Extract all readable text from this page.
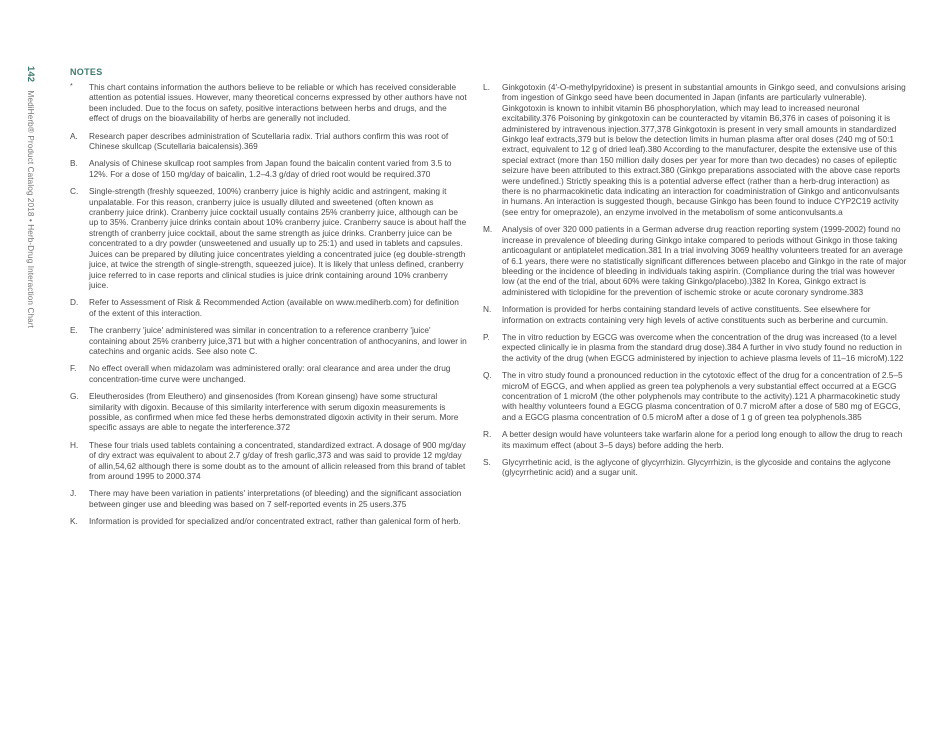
142 MediHerb® Product Catalog 2018 • Herb-Drug Interaction Chart
NOTES
*	This chart contains information the authors believe to be reliable or which has received considerable attention as potential issues. However, many theoretical concerns expressed by other authors have not been included. Due to the focus on safety, positive interactions between herbs and drugs, and the effect of drugs on the bioavailability of herbs are generally not included.
A.	Research paper describes administration of Scutellaria radix. Trial authors confirm this was root of Chinese skullcap (Scutellaria baicalensis).369
B.	Analysis of Chinese skullcap root samples from Japan found the baicalin content varied from 3.5 to 12%. For a dose of 150 mg/day of baicalin, 1.2–4.3 g/day of dried root would be required.370
C.	Single-strength (freshly squeezed, 100%) cranberry juice is highly acidic and astringent, making it unpalatable. For this reason, cranberry juice is usually diluted and sweetened (often known as cranberry juice drink). Cranberry juice cocktail usually contains 25% cranberry juice, although can be up to 35%. Cranberry juice drinks contain about 10% cranberry juice. Cranberry sauce is about half the strength of cranberry juice cocktail, about the same strength as juice drinks. Cranberry juice can be concentrated to a dry powder (unsweetened and usually up to 25:1) and used in tablets and capsules. Juices can be prepared by diluting juice concentrates yielding a concentrated juice (eg double-strength juice, at twice the strength of single-strength, squeezed juice). It is likely that unless defined, cranberry juice referred to in case reports and clinical studies is juice drink containing around 10% cranberry juice.
D.	Refer to Assessment of Risk & Recommended Action (available on www.mediherb.com) for definition of the extent of this interaction.
E.	The cranberry 'juice' administered was similar in concentration to a reference cranberry 'juice' containing about 25% cranberry juice,371 but with a higher concentration of anthocyanins, and lower in catechins and organic acids. See also note C.
F.	No effect overall when midazolam was administered orally: oral clearance and area under the drug concentration-time curve were unchanged.
G.	Eleutherosides (from Eleuthero) and ginsenosides (from Korean ginseng) have some structural similarity with digoxin. Because of this similarity interference with serum digoxin measurements is possible, as confirmed when mice fed these herbs demonstrated digoxin activity in their serum. More specific assays are able to negate the interference.372
H.	These four trials used tablets containing a concentrated, standardized extract. A dosage of 900 mg/day of dry extract was equivalent to about 2.7 g/day of fresh garlic,373 and was said to provide 12 mg/day of allin,54,62 although there is some doubt as to the amount of allicin released from this brand of tablet from around 1995 to 2000.374
J.	There may have been variation in patients' interpretations (of bleeding) and the significant association between ginger use and bleeding was based on 7 self-reported events in 25 users.375
K.	Information is provided for specialized and/or concentrated extract, rather than galenical form of herb.
L.	Ginkgotoxin (4'-O-methylpyridoxine) is present in substantial amounts in Ginkgo seed, and convulsions arising from ingestion of Ginkgo seed have been documented in Japan (infants are particularly vulnerable). Ginkgotoxin is known to inhibit vitamin B6 phosphorylation, which may lead to increased neuronal excitability.376 Poisoning by ginkgotoxin can be counteracted by vitamin B6,376 in cases of poisoning it is administered by intravenous injection.377,378 Ginkgotoxin is present in very small amounts in standardized Ginkgo leaf extracts,379 but is below the detection limits in human plasma after oral doses (240 mg of 50:1 extract, equivalent to 12 g of dried leaf).380 According to the manufacturer, despite the extensive use of this special extract (more than 150 million daily doses per year for more than two decades) no cases of epileptic seizure have been attributed to this extract.380 (Ginkgo preparations associated with the above case reports were undefined.) Strictly speaking this is a potential adverse effect (rather than a herb-drug interaction) as there is no pharmacokinetic data indicating an interaction for coadministration of Ginkgo and anticonvulsants in humans. An interaction is suggested though, because Ginkgo has been found to induce CYP2C19 activity (see entry for omeprazole), an enzyme involved in the metabolism of some anticonvulsants.a
M.	Analysis of over 320 000 patients in a German adverse drug reaction reporting system (1999-2002) found no increase in prevalence of bleeding during Ginkgo intake compared to periods without Ginkgo in those taking anticoagulant or antiplatelet medication.381 In a trial involving 3069 healthy volunteers treated for an average of 6.1 years, there were no statistically significant differences between placebo and Ginkgo in the rate of major bleeding or the incidence of bleeding in individuals taking aspirin. (Compliance during the trial was however low (at the end of the trial, about 60% were taking Ginkgo/placebo).)382 In Korea, Ginkgo extract is administered with ticlopidine for the prevention of ischemic stroke or acute coronary syndrome.383
N.	Information is provided for herbs containing standard levels of active constituents. See elsewhere for information on extracts containing very high levels of active constituents such as berberine and curcumin.
P.	The in vitro reduction by EGCG was overcome when the concentration of the drug was increased (to a level expected clinically ie in plasma from the standard drug dose).384 A further in vivo study found no reduction in the activity of the drug (when EGCG administered by injection to achieve plasma levels of 11–16 microM).122
Q.	The in vitro study found a pronounced reduction in the cytotoxic effect of the drug for a concentration of 2.5–5 microM of EGCG, and when applied as green tea polyphenols a very substantial effect occurred at a EGCG concentration of 1 microM (the other polyphenols may contribute to the activity).121 A pharmacokinetic study with healthy volunteers found a EGCG plasma concentration of 0.7 microM after a dose of 580 mg of EGCG, and a EGCG plasma concentration of 0.5 microM after a dose of 1 g of green tea polyphenols.385
R.	A better design would have volunteers take warfarin alone for a period long enough to allow the drug to reach its maximum effect (about 3–5 days) before adding the herb.
S.	Glycyrrhetinic acid, is the aglycone of glycyrrhizin. Glycyrrhizin, is the glycoside and contains the aglycone (glycyrrhetinic acid) and a sugar unit.
